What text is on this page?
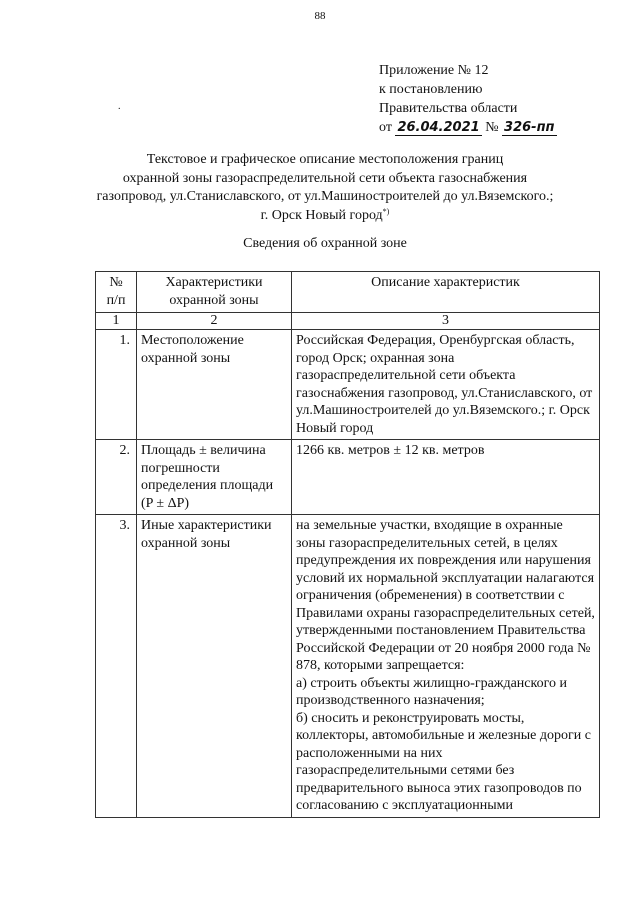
88
.
Приложение № 12
к постановлению
Правительства области
от 26.04.2021 № 326-пп
Текстовое и графическое описание местоположения границ
охранной зоны газораспределительной сети объекта газоснабжения
газопровод, ул.Станиславского, от ул.Машиностроителей до ул.Вяземского.;
г. Орск Новый город*)
Сведения об охранной зоне
№
п/п	Характеристики охранной зоны	Описание характеристик
1	2	3
1.	Местоположение охранной зоны	Российская Федерация, Оренбургская область, город Орск; охранная зона газораспределительной сети объекта газоснабжения газопровод, ул.Станиславского, от ул.Машиностроителей до ул.Вяземского.; г. Орск Новый город
2.	Площадь ± величина погрешности определения площади (P ± ΔP)	1266 кв. метров ± 12 кв. метров
3.	Иные характеристики охранной зоны	на земельные участки, входящие в охранные зоны газораспределительных сетей, в целях предупреждения их повреждения или нарушения условий их нормальной эксплуатации налагаются ограничения (обременения) в соответствии с Правилами охраны газораспределительных сетей, утвержденными постановлением Правительства Российской Федерации от 20 ноября 2000 года № 878, которыми запрещается:
а) строить объекты жилищно-гражданского и производственного назначения;
б) сносить и реконструировать мосты, коллекторы, автомобильные и железные дороги с расположенными на них газораспределительными сетями без предварительного выноса этих газопроводов по согласованию с эксплуатационными
